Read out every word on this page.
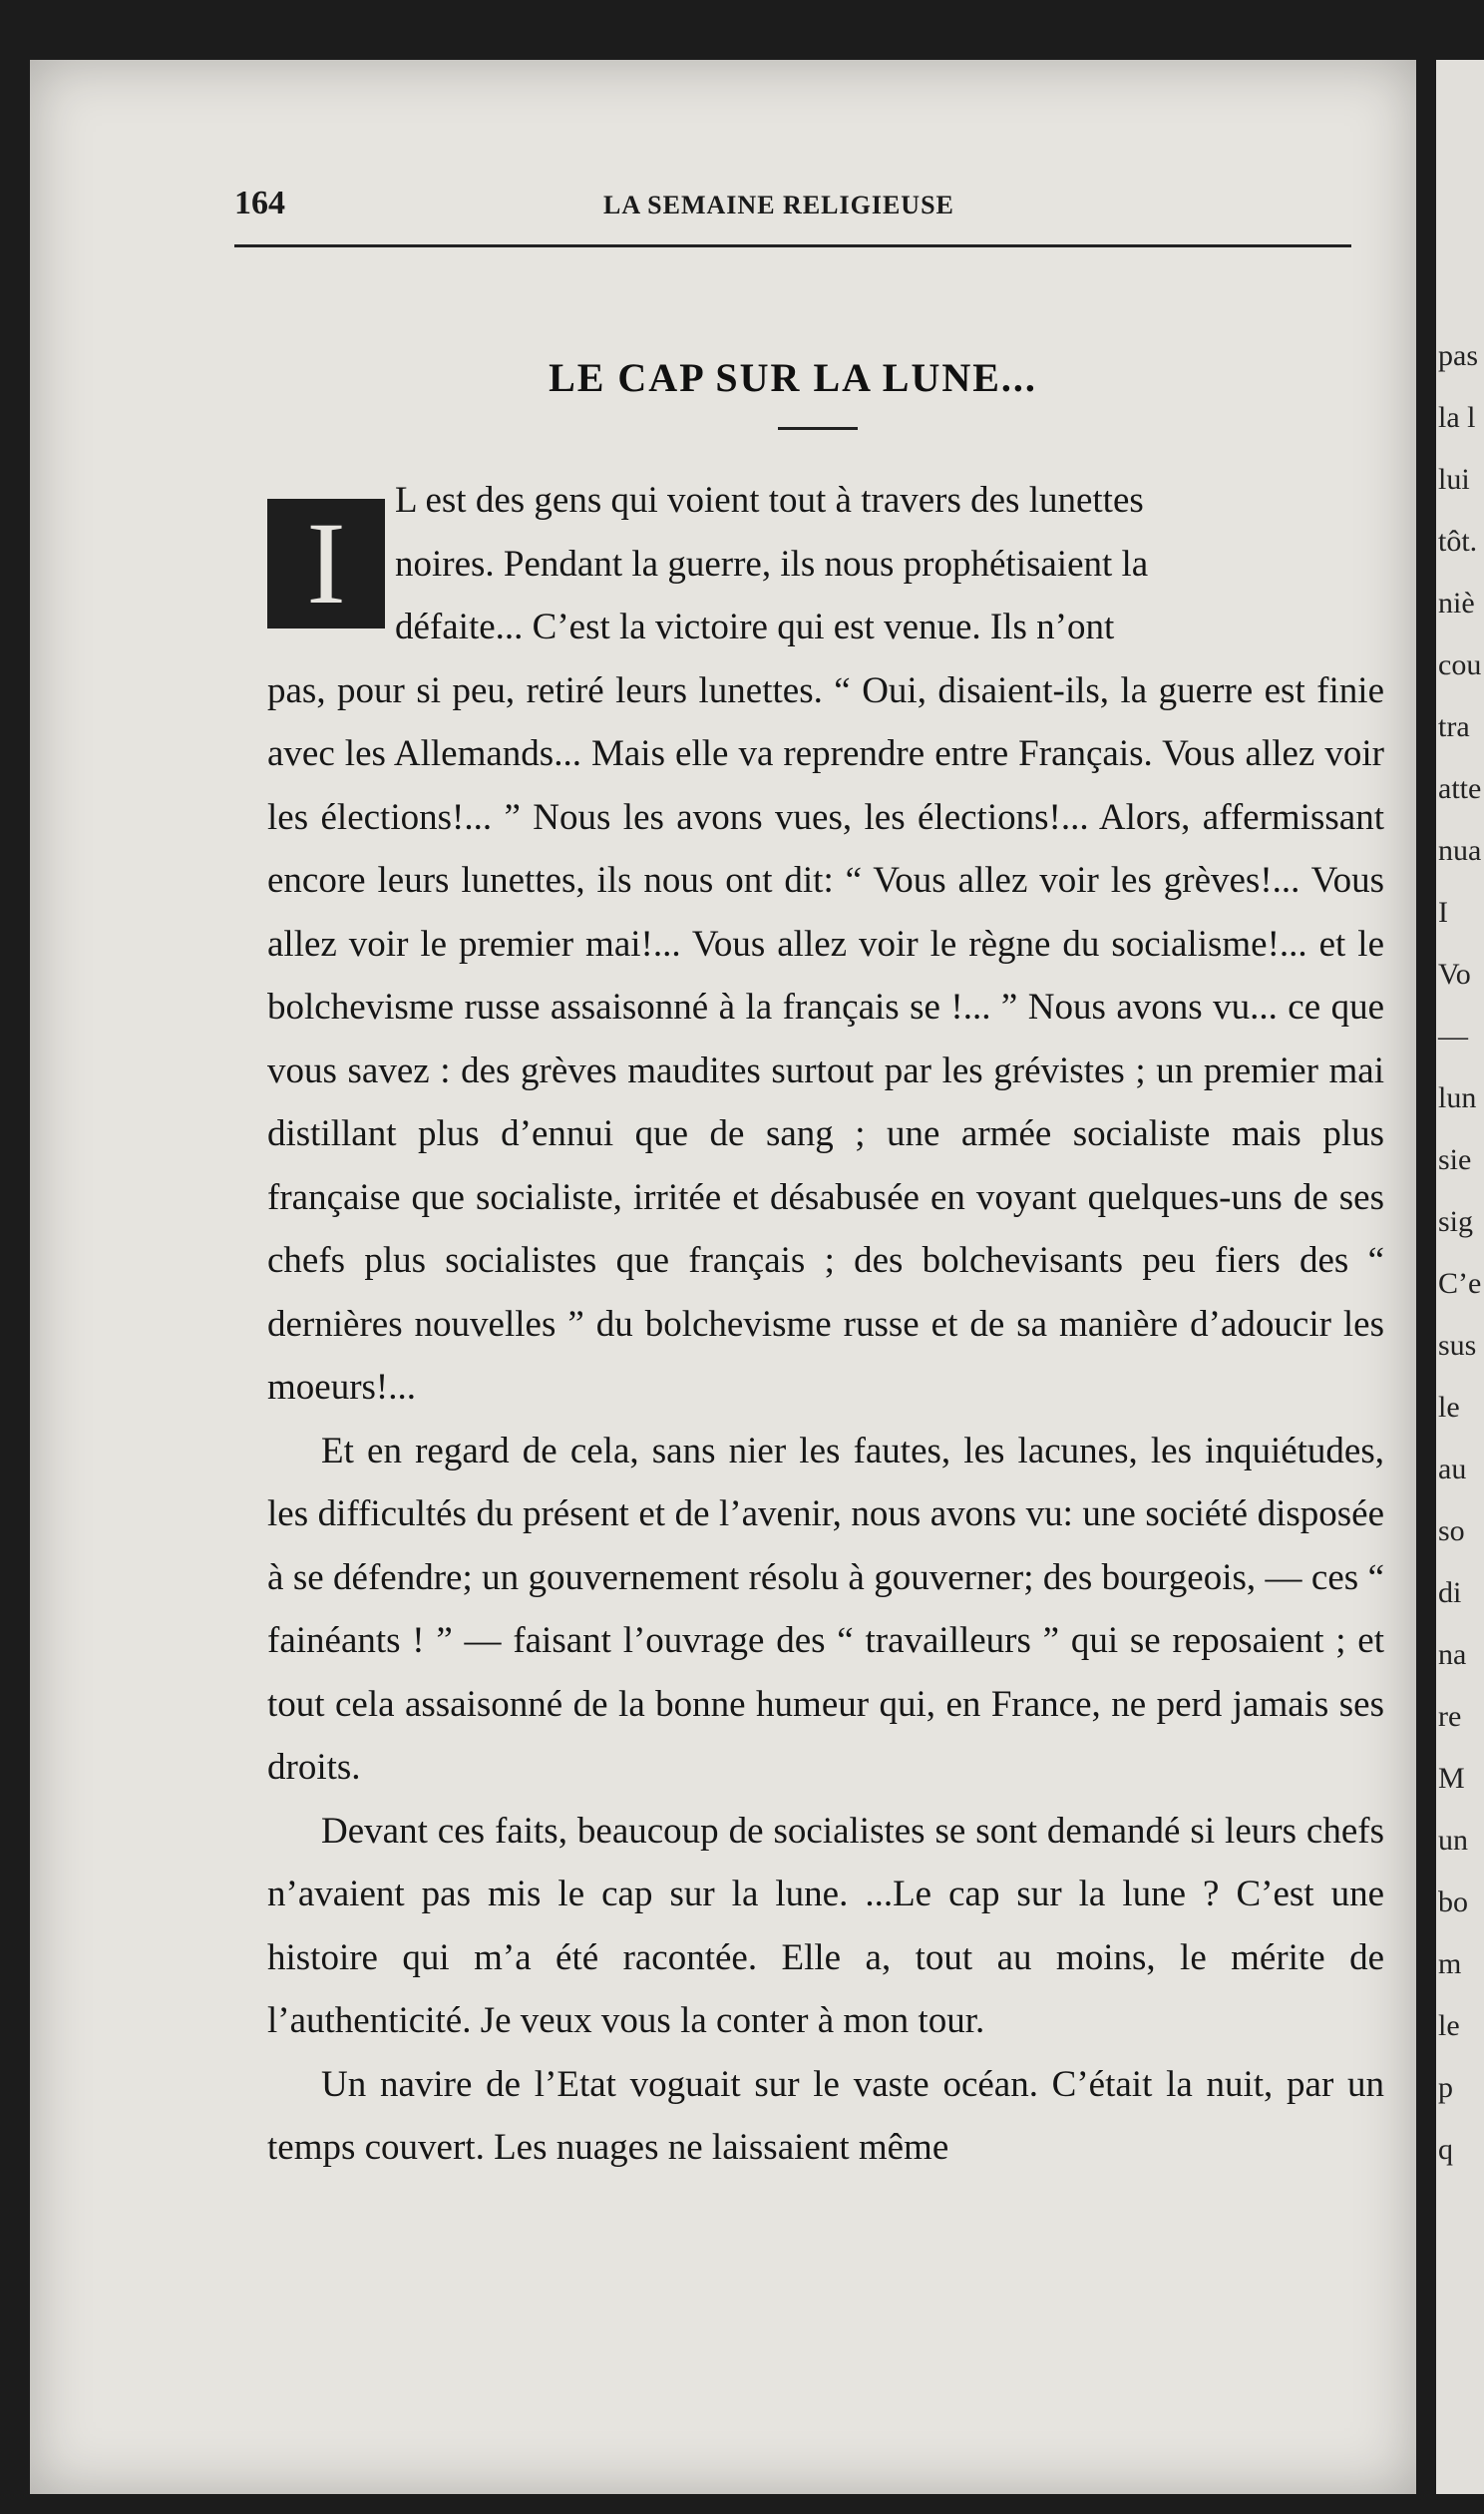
164	LA SEMAINE RELIGIEUSE
LE CAP SUR LA LUNE...
I	L est des gens qui voient tout à travers des lunettes
noires. Pendant la guerre, ils nous prophétisaient la
défaite... C’est la victoire qui est venue. Ils n’ont
pas, pour si peu, retiré leurs lunettes. “ Oui, disaient-ils, la guerre est finie avec les Allemands... Mais elle va reprendre entre Français. Vous allez voir les élections!... ” Nous les avons vues, les élections!... Alors, affermissant encore leurs lunettes, ils nous ont dit: “ Vous allez voir les grèves!... Vous allez voir le premier mai!... Vous allez voir le règne du socialisme!... et le bolchevisme russe assaisonné à la français se !... ” Nous avons vu... ce que vous savez : des grèves maudites surtout par les grévistes ; un premier mai distillant plus d’ennui que de sang ; une armée socialiste mais plus française que socialiste, irritée et désabusée en voyant quelques-uns de ses chefs plus socialistes que français ; des bolchevisants peu fiers des “ dernières nouvelles ” du bolchevisme russe et de sa manière d’adoucir les moeurs!...

Et en regard de cela, sans nier les fautes, les lacunes, les inquiétudes, les difficultés du présent et de l’avenir, nous avons vu: une société disposée à se défendre; un gouvernement résolu à gouverner; des bourgeois, — ces “ fainéants ! ” — faisant l’ouvrage des “ travailleurs ” qui se reposaient ; et tout cela assaisonné de la bonne humeur qui, en France, ne perd jamais ses droits.

Devant ces faits, beaucoup de socialistes se sont demandé si leurs chefs n’avaient pas mis le cap sur la lune. ...Le cap sur la lune ? C’est une histoire qui m’a été racontée. Elle a, tout au moins, le mérite de l’authenticité. Je veux vous la conter à mon tour.

Un navire de l’Etat voguait sur le vaste océan. C’était la nuit, par un temps couvert. Les nuages ne laissaient même

pas
la l
lui
tôt.
niè
cou
tra
atte
nua
I
Vo
—
lun
sie
sig
C’e
sus
le
au
so
di
na
re
M
un
bo
m
le
p
q
